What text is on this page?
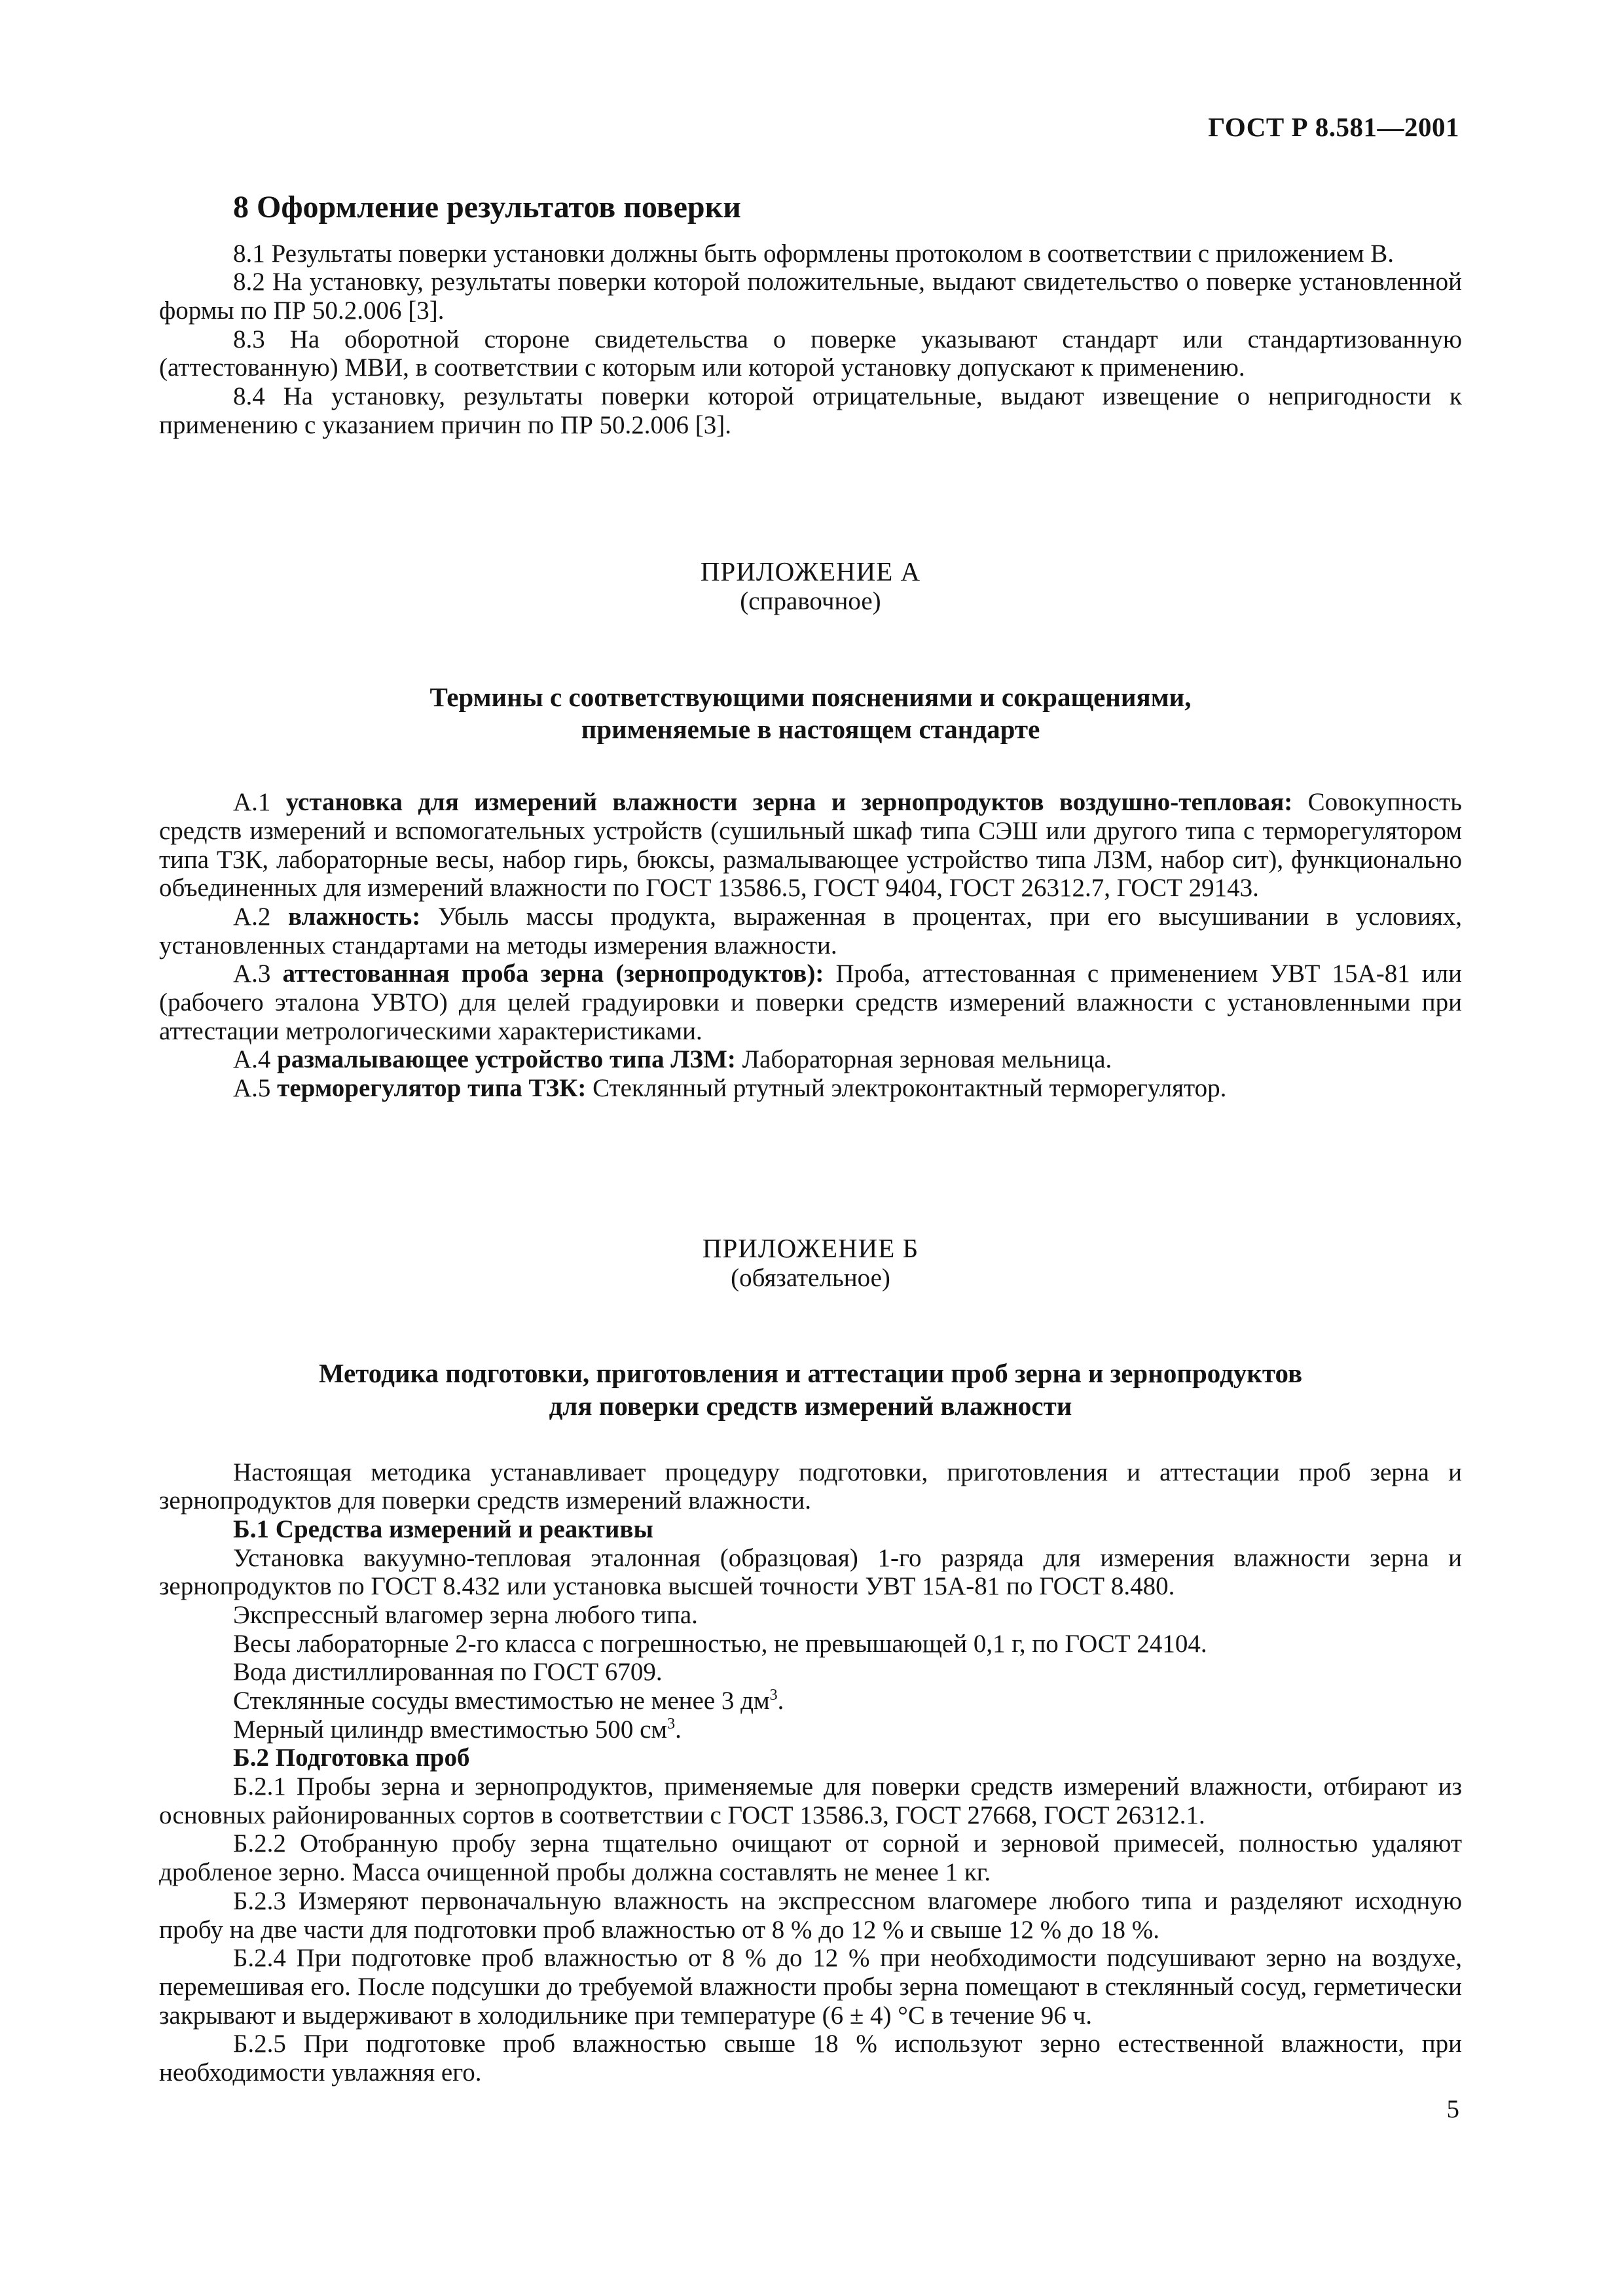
ГОСТ Р 8.581—2001
8 Оформление результатов поверки

8.1 Результаты поверки установки должны быть оформлены протоколом в соответствии с приложением В.

8.2 На установку, результаты поверки которой положительные, выдают свидетельство о поверке установленной формы по ПР 50.2.006 [3].

8.3 На оборотной стороне свидетельства о поверке указывают стандарт или стандартизованную (аттестованную) МВИ, в соответствии с которым или которой установку допускают к применению.

8.4 На установку, результаты поверки которой отрицательные, выдают извещение о непригодности к применению с указанием причин по ПР 50.2.006 [3].

ПРИЛОЖЕНИЕ А
(справочное)
Термины с соответствующими пояснениями и сокращениями,
применяемые в настоящем стандарте

А.1 установка для измерений влажности зерна и зернопродуктов воздушно-тепловая: Совокупность средств измерений и вспомогательных устройств (сушильный шкаф типа СЭШ или другого типа с терморегулятором типа ТЗК, лабораторные весы, набор гирь, бюксы, размалывающее устройство типа ЛЗМ, набор сит), функционально объединенных для измерений влажности по ГОСТ 13586.5, ГОСТ 9404, ГОСТ 26312.7, ГОСТ 29143.

А.2 влажность: Убыль массы продукта, выраженная в процентах, при его высушивании в условиях, установленных стандартами на методы измерения влажности.

А.3 аттестованная проба зерна (зернопродуктов): Проба, аттестованная с применением УВТ 15А-81 или (рабочего эталона УВТО) для целей градуировки и поверки средств измерений влажности с установленными при аттестации метрологическими характеристиками.

А.4 размалывающее устройство типа ЛЗМ: Лабораторная зерновая мельница.

А.5 терморегулятор типа ТЗК: Стеклянный ртутный электроконтактный терморегулятор.

ПРИЛОЖЕНИЕ Б
(обязательное)
Методика подготовки, приготовления и аттестации проб зерна и зернопродуктов
для поверки средств измерений влажности

Настоящая методика устанавливает процедуру подготовки, приготовления и аттестации проб зерна и зернопродуктов для поверки средств измерений влажности.

Б.1 Средства измерений и реактивы

Установка вакуумно-тепловая эталонная (образцовая) 1-го разряда для измерения влажности зерна и зернопродуктов по ГОСТ 8.432 или установка высшей точности УВТ 15А-81 по ГОСТ 8.480.

Экспрессный влагомер зерна любого типа.

Весы лабораторные 2-го класса с погрешностью, не превышающей 0,1 г, по ГОСТ 24104.

Вода дистиллированная по ГОСТ 6709.

Стеклянные сосуды вместимостью не менее 3 $дм^3$.

Мерный цилиндр вместимостью 500 $см^3$.

Б.2 Подготовка проб

Б.2.1 Пробы зерна и зернопродуктов, применяемые для поверки средств измерений влажности, отбирают из основных районированных сортов в соответствии с ГОСТ 13586.3, ГОСТ 27668, ГОСТ 26312.1.

Б.2.2 Отобранную пробу зерна тщательно очищают от сорной и зерновой примесей, полностью удаляют дробленое зерно. Масса очищенной пробы должна составлять не менее 1 кг.

Б.2.3 Измеряют первоначальную влажность на экспрессном влагомере любого типа и разделяют исходную пробу на две части для подготовки проб влажностью от 8 % до 12 % и свыше 12 % до 18 %.

Б.2.4 При подготовке проб влажностью от 8 % до 12 % при необходимости подсушивают зерно на воздухе, перемешивая его. После подсушки до требуемой влажности пробы зерна помещают в стеклянный сосуд, герметически закрывают и выдерживают в холодильнике при температуре (6 ± 4) °С в течение 96 ч.

Б.2.5 При подготовке проб влажностью свыше 18 % используют зерно естественной влажности, при необходимости увлажняя его.

5
